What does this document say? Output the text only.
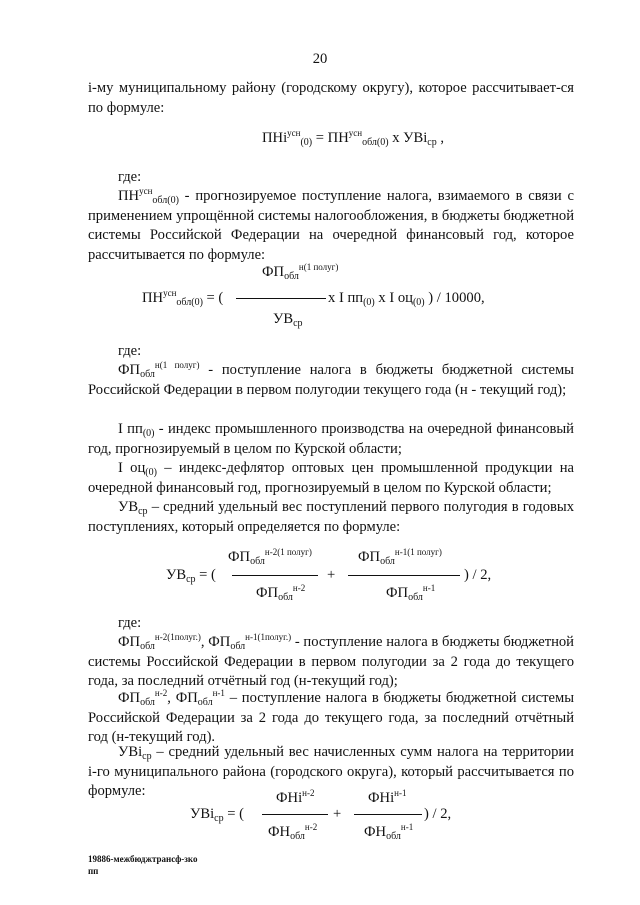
20
i-му муниципальному району (городскому округу), которое рассчитывает-ся по формуле:
$ПНi^{усн}_{(0)} = ПН^{усн}_{обл(0)}$ х УВi$_{ср}$ ,
где:
$ПН^{усн}_{обл(0)}$ - прогнозируемое поступление налога, взимаемого в связи с применением упрощённой системы налогообложения, в бюджеты бюджетной системы Российской Федерации на очередной финансовый год, которое рассчитывается по формуле:
$ФП_{обл}^{н(1 полуг)}$
$ПН^{усн}_{обл(0)}$ = (	х I $пп_{(0)}$ х I $оц_{(0)}$ ) / 10000,
$УВ_{ср}$
где:
$ФП_{обл}^{н(1 полуг)}$ - поступление налога в бюджеты бюджетной системы Российской Федерации в первом полугодии текущего года (н - текущий год);
I $пп_{(0)}$ - индекс промышленного производства на очередной финансовый год, прогнозируемый в целом по Курской области;
I $оц_{(0)}$ – индекс-дефлятор оптовых цен промышленной продукции на очередной финансовый год, прогнозируемый в целом по Курской области;
$УВ_{ср}$ – средний удельный вес поступлений первого полугодия в годовых поступлениях, который определяется по формуле:
$ФП_{обл}^{н-2(1 полуг)}$	$ФП_{обл}^{н-1(1 полуг)}$
$УВ_{ср}$ = (	+	) / 2,
$ФП_{обл}^{н-2}$	$ФП_{обл}^{н-1}$
где:
$ФП_{обл}^{н-2(1полуг.)}$, $ФП_{обл}^{н-1(1полуг.)}$ - поступление налога в бюджеты бюджетной системы Российской Федерации в первом полугодии за 2 года до текущего года, за последний отчётный год (н-текущий год);
$ФП_{обл}^{н-2}$, $ФП_{обл}^{н-1}$ – поступление налога в бюджеты бюджетной системы Российской Федерации за 2 года до текущего года, за последний отчётный год (н-текущий год).
УВi$_{ср}$ – средний удельный вес начисленных сумм налога на территории i-го муниципального района (городского округа), который рассчитывается по формуле:	ФНi$^{н-2}$	ФНi$^{н-1}$
УВi$_{ср}$ = (	+	) / 2,
$ФН_{обл}^{н-2}$	$ФН_{обл}^{н-1}$
19886-межбюджтрансф-зко
пп
